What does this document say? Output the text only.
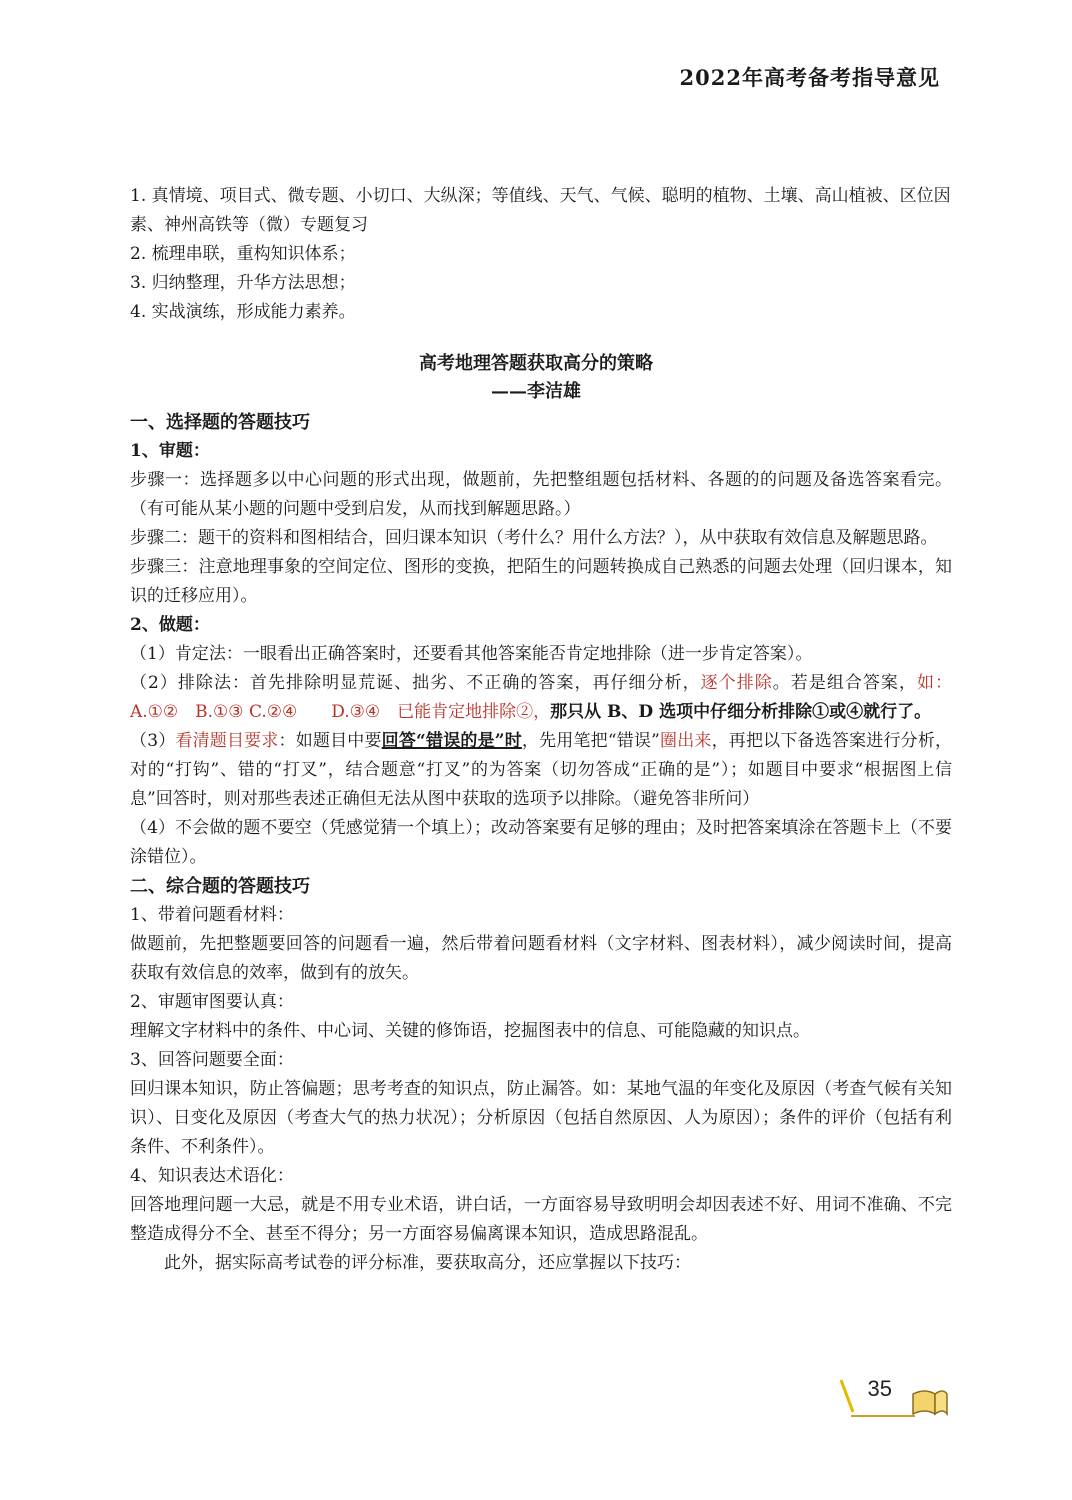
2022年高考备考指导意见

1. 真情境、项目式、微专题、小切口、大纵深；等值线、天气、气候、聪明的植物、土壤、高山植被、区位因素、神州高铁等（微）专题复习

2. 梳理串联，重构知识体系；

3. 归纳整理，升华方法思想；

4. 实战演练，形成能力素养。

高考地理答题获取高分的策略
——李洁雄

一、选择题的答题技巧

1、审题：

步骤一：选择题多以中心问题的形式出现，做题前，先把整组题包括材料、各题的的问题及备选答案看完。（有可能从某小题的问题中受到启发，从而找到解题思路。）

步骤二：题干的资料和图相结合，回归课本知识（考什么？用什么方法？），从中获取有效信息及解题思路。

步骤三：注意地理事象的空间定位、图形的变换，把陌生的问题转换成自己熟悉的问题去处理（回归课本，知识的迁移应用）。

2、做题：

（1）肯定法：一眼看出正确答案时，还要看其他答案能否肯定地排除（进一步肯定答案）。

（2）排除法：首先排除明显荒诞、拙劣、不正确的答案，再仔细分析，逐个排除。若是组合答案，如：A.①②　B.①③ C.②④　　D.③④　已能肯定地排除②，那只从 B、D 选项中仔细分析排除①或④就行了。

（3）看清题目要求：如题目中要回答“错误的是”时，先用笔把“错误”圈出来，再把以下备选答案进行分析，对的“打钩”、错的“打叉”，结合题意“打叉”的为答案（切勿答成“正确的是”）；如题目中要求“根据图上信息”回答时，则对那些表述正确但无法从图中获取的选项予以排除。（避免答非所问）

（4）不会做的题不要空（凭感觉猜一个填上）；改动答案要有足够的理由；及时把答案填涂在答题卡上（不要涂错位）。

二、综合题的答题技巧

1、带着问题看材料：

做题前，先把整题要回答的问题看一遍，然后带着问题看材料（文字材料、图表材料），减少阅读时间，提高获取有效信息的效率，做到有的放矢。

2、审题审图要认真：

理解文字材料中的条件、中心词、关键的修饰语，挖掘图表中的信息、可能隐藏的知识点。

3、回答问题要全面：

回归课本知识，防止答偏题；思考考查的知识点，防止漏答。如：某地气温的年变化及原因（考查气候有关知识）、日变化及原因（考查大气的热力状况）；分析原因（包括自然原因、人为原因）；条件的评价（包括有利条件、不利条件）。

4、知识表达术语化：

回答地理问题一大忌，就是不用专业术语，讲白话，一方面容易导致明明会却因表述不好、用词不准确、不完整造成得分不全、甚至不得分；另一方面容易偏离课本知识，造成思路混乱。

此外，据实际高考试卷的评分标准，要获取高分，还应掌握以下技巧：

35
